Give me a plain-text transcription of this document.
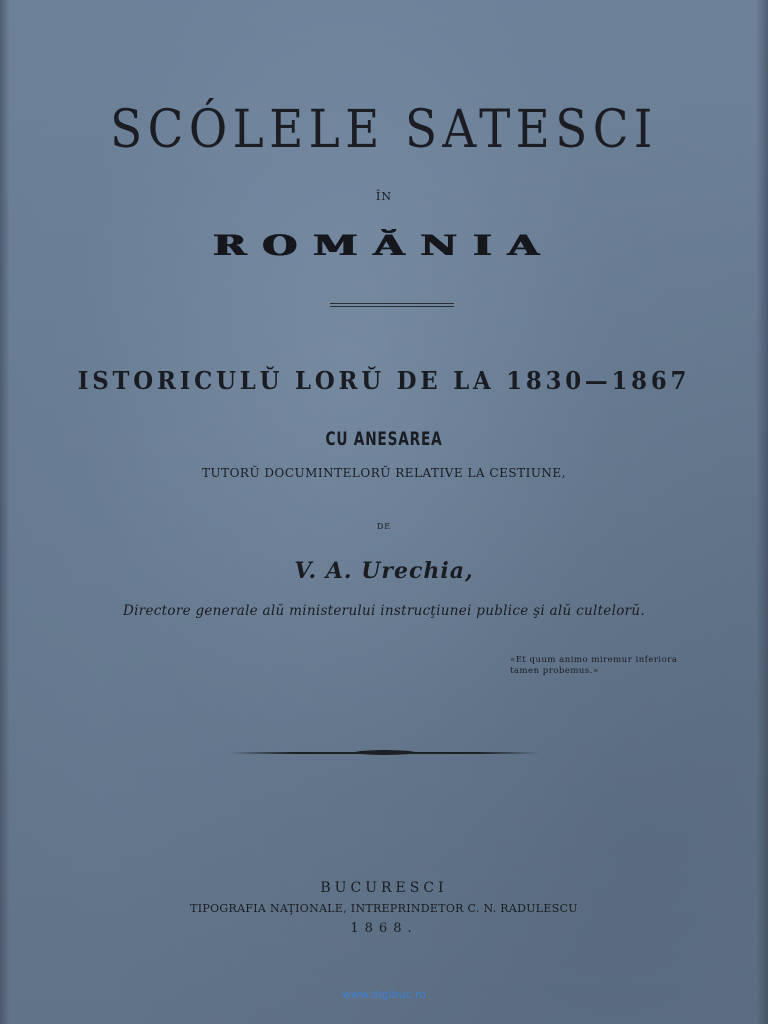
SCÓLELE SATESCI
ÎN
ROMĂNIA
ISTORICULŬ LORŬ DE LA 1830—1867
CU ANESAREA
TUTORŬ DOCUMINTELORŬ RELATIVE LA CESTIUNE,
DE
V. A. Urechia,
Directore generale alŭ ministerului instrucţiunei publice şi alŭ cultelorŭ.
«Et quum animo miremur inferiora
tamen probemus.»
BUCURESCI
TIPOGRAFIA NAŢIONALE, INTREPRINDETOR C. N. RADULESCU
1868.
www.digibuc.ro
